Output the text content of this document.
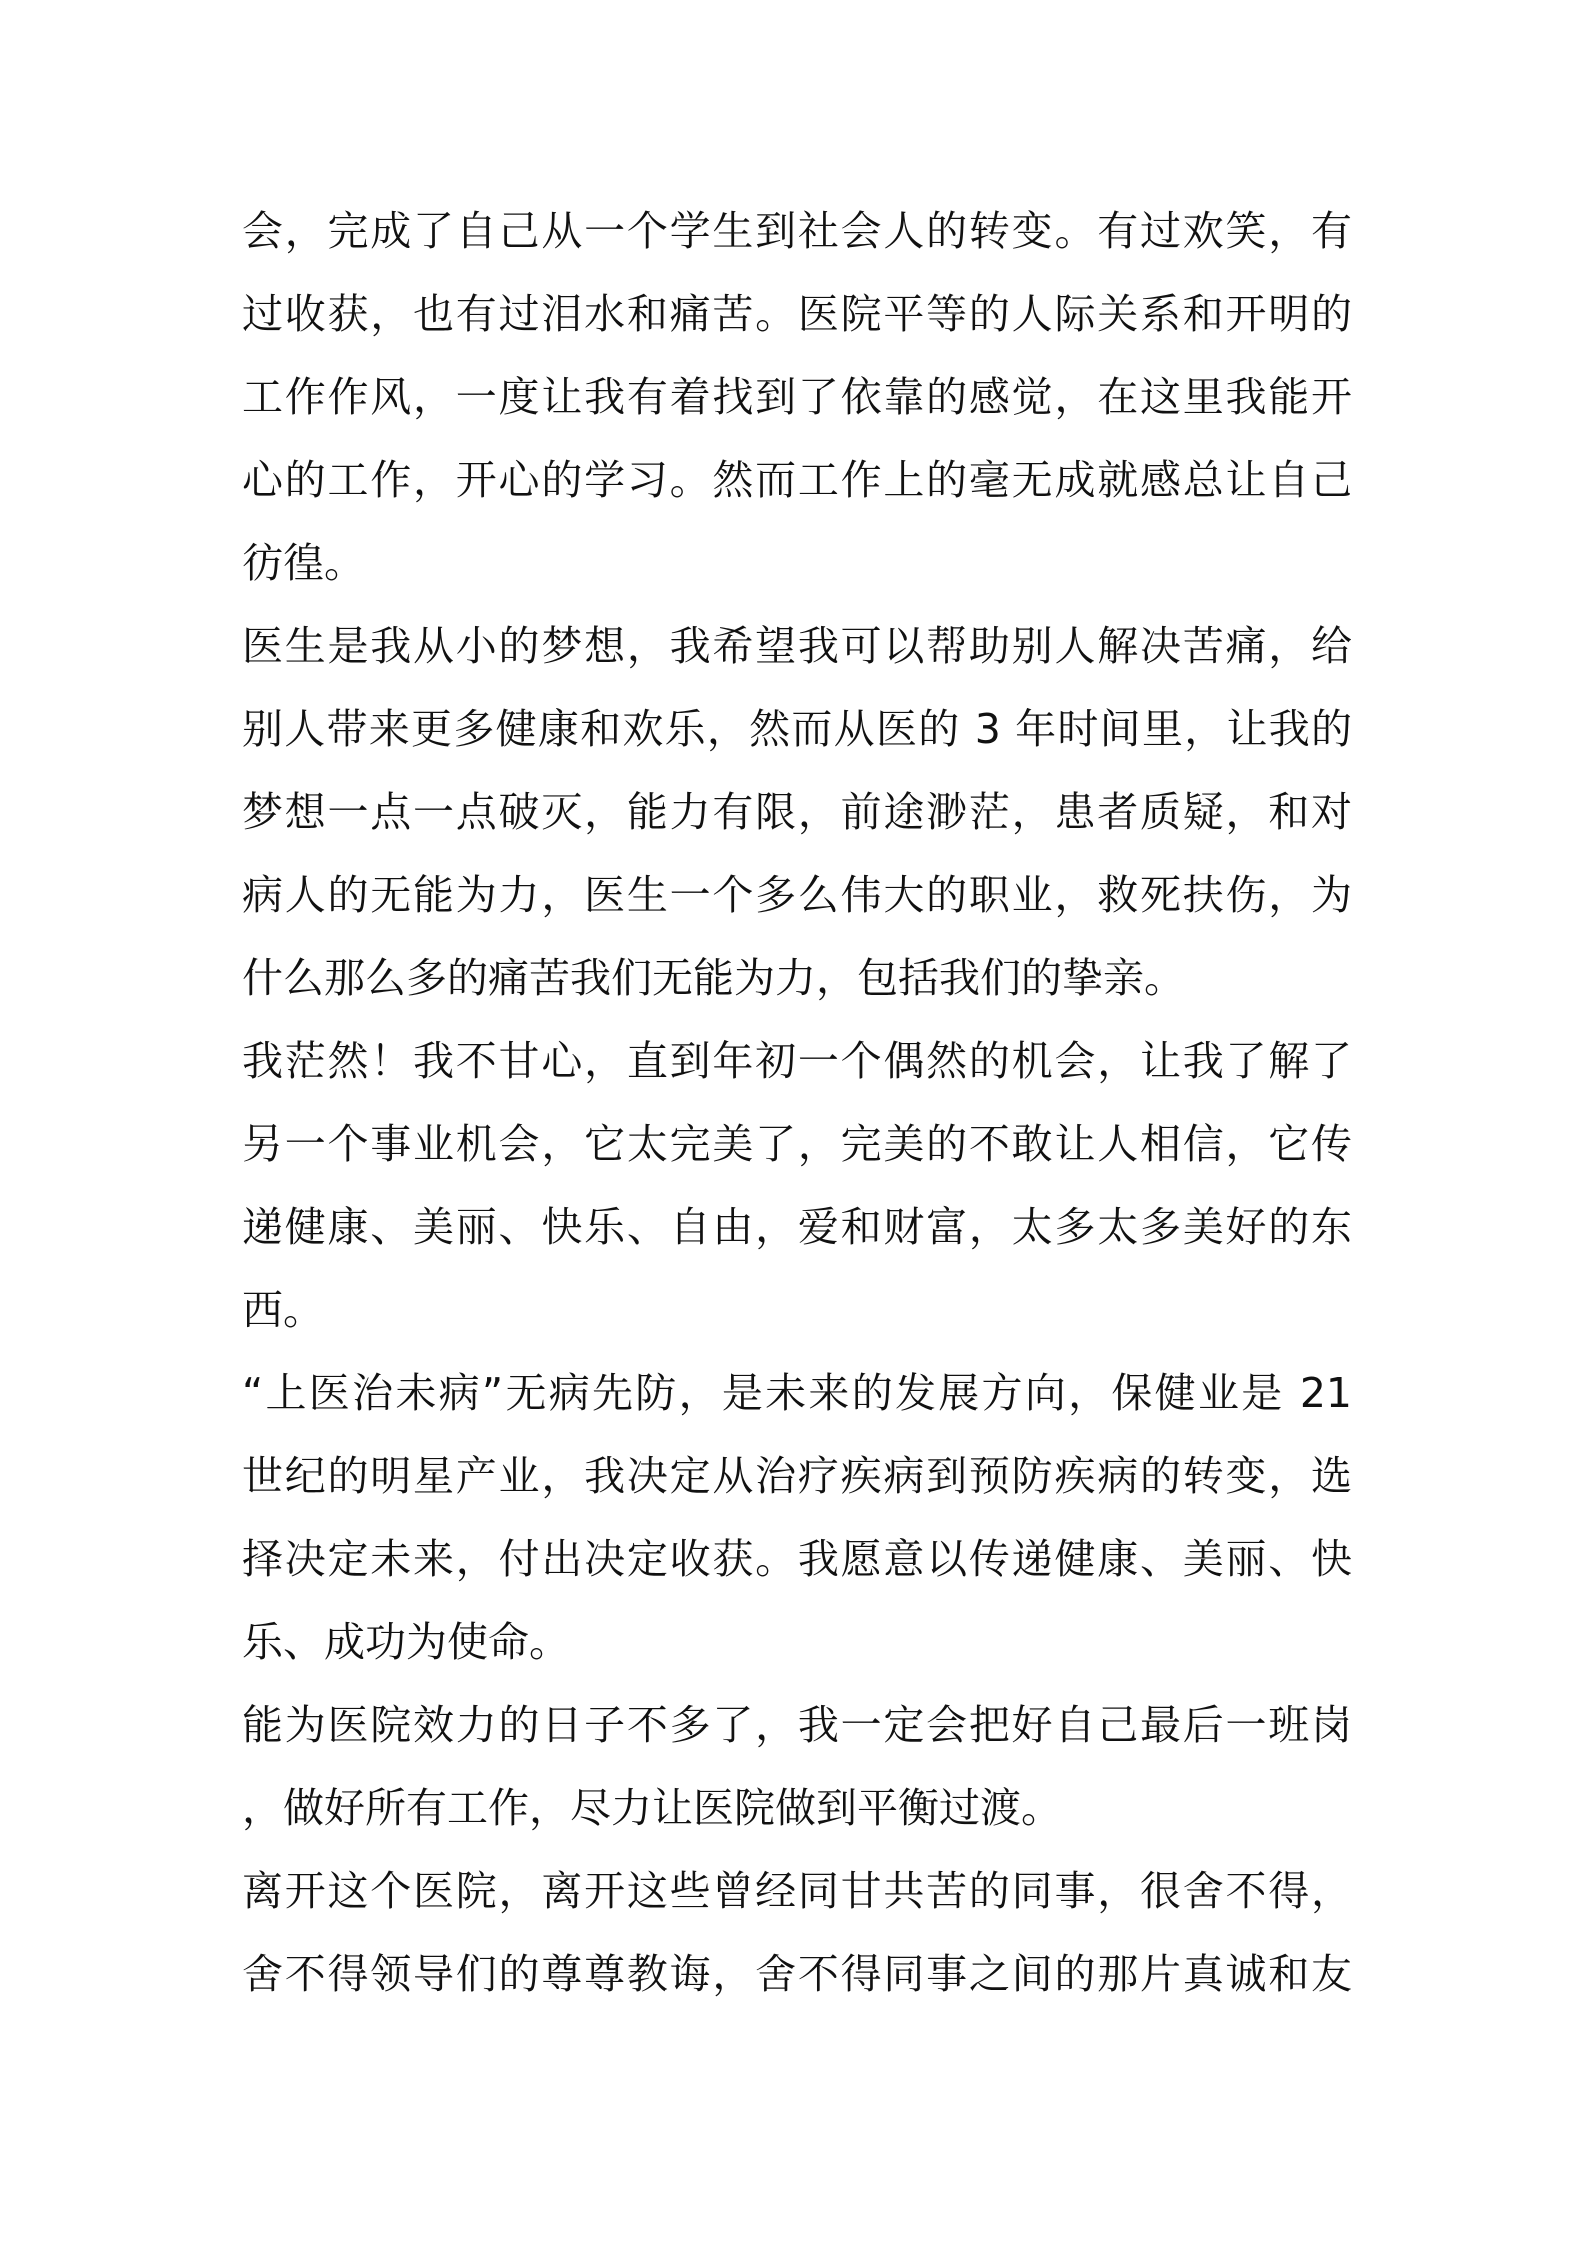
会，完成了自己从一个学生到社会人的转变。有过欢笑，有
过收获，也有过泪水和痛苦。医院平等的人际关系和开明的
工作作风，一度让我有着找到了依靠的感觉，在这里我能开
心的工作，开心的学习。然而工作上的毫无成就感总让自己
彷徨。
医生是我从小的梦想，我希望我可以帮助别人解决苦痛，给
别人带来更多健康和欢乐，然而从医的 3 年时间里，让我的
梦想一点一点破灭，能力有限，前途渺茫，患者质疑，和对
病人的无能为力，医生一个多么伟大的职业，救死扶伤，为
什么那么多的痛苦我们无能为力，包括我们的挚亲。
我茫然！我不甘心，直到年初一个偶然的机会，让我了解了
另一个事业机会，它太完美了，完美的不敢让人相信，它传
递健康、美丽、快乐、自由，爱和财富，太多太多美好的东
西。
“上医治未病”无病先防，是未来的发展方向，保健业是 21
世纪的明星产业，我决定从治疗疾病到预防疾病的转变，选
择决定未来，付出决定收获。我愿意以传递健康、美丽、快
乐、成功为使命。
能为医院效力的日子不多了，我一定会把好自己最后一班岗
，做好所有工作，尽力让医院做到平衡过渡。
离开这个医院，离开这些曾经同甘共苦的同事，很舍不得，
舍不得领导们的尊尊教诲，舍不得同事之间的那片真诚和友
